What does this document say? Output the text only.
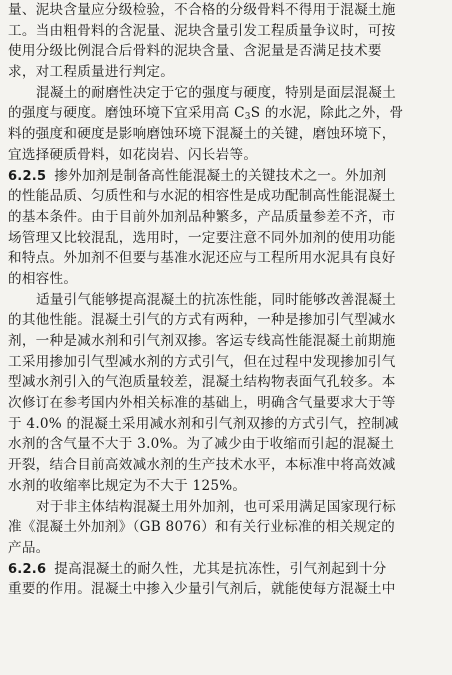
量、泥块含量应分级检验，不合格的分级骨料不得用于混凝土施
工。当由粗骨料的含泥量、泥块含量引发工程质量争议时，可按
使用分级比例混合后骨料的泥块含量、含泥量是否满足技术要
求，对工程质量进行判定。
混凝土的耐磨性决定于它的强度与硬度，特别是面层混凝土
的强度与硬度。磨蚀环境下宜采用高 $C_3S$ 的水泥，除此之外，骨
料的强度和硬度是影响磨蚀环境下混凝土的关键，磨蚀环境下，
宜选择硬质骨料，如花岗岩、闪长岩等。
6.2.5 掺外加剂是制备高性能混凝土的关键技术之一。外加剂
的性能品质、匀质性和与水泥的相容性是成功配制高性能混凝土
的基本条件。由于目前外加剂品种繁多，产品质量参差不齐，市
场管理又比较混乱，选用时，一定要注意不同外加剂的使用功能
和特点。外加剂不但要与基准水泥还应与工程所用水泥具有良好
的相容性。
适量引气能够提高混凝土的抗冻性能，同时能够改善混凝土
的其他性能。混凝土引气的方式有两种，一种是掺加引气型减水
剂，一种是减水剂和引气剂双掺。客运专线高性能混凝土前期施
工采用掺加引气型减水剂的方式引气，但在过程中发现掺加引气
型减水剂引入的气泡质量较差，混凝土结构物表面气孔较多。本
次修订在参考国内外相关标准的基础上，明确含气量要求大于等
于 4.0% 的混凝土采用减水剂和引气剂双掺的方式引气，控制减
水剂的含气量不大于 3.0%。为了减少由于收缩而引起的混凝土
开裂，结合目前高效减水剂的生产技术水平，本标准中将高效减
水剂的收缩率比规定为不大于 125%。
对于非主体结构混凝土用外加剂，也可采用满足国家现行标
准《混凝土外加剂》（GB 8076）和有关行业标准的相关规定的
产品。
6.2.6 提高混凝土的耐久性，尤其是抗冻性，引气剂起到十分
重要的作用。混凝土中掺入少量引气剂后，就能使每方混凝土中
